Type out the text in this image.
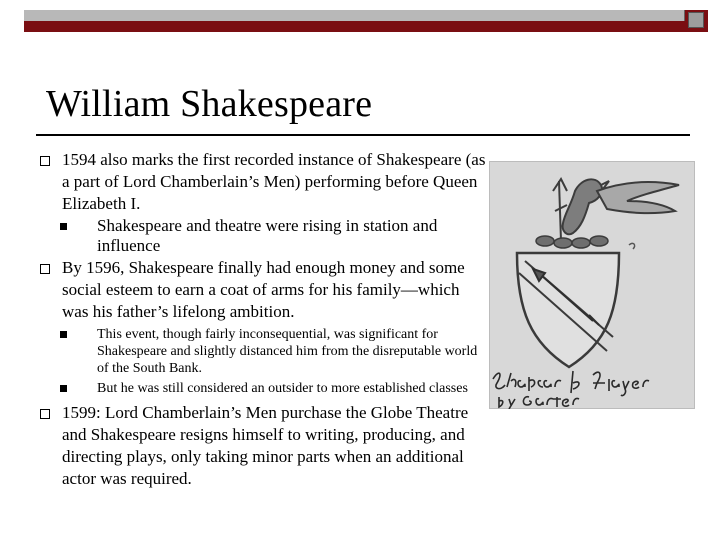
William Shakespeare

1594 also marks the first recorded instance of Shakespeare (as a part of Lord Chamberlain’s Men) performing before Queen Elizabeth I.

Shakespeare and theatre were rising in station and influence

By 1596, Shakespeare finally had enough money and some social esteem to earn a coat of arms for his family—which was his father’s lifelong ambition.

This event, though fairly inconsequential, was significant for Shakespeare and slightly distanced him from the disreputable world of the South Bank.

But he was still considered an outsider to more established classes

1599: Lord Chamberlain’s Men purchase the Globe Theatre and Shakespeare resigns himself to writing, producing, and directing plays, only taking minor parts when an additional actor was required.
